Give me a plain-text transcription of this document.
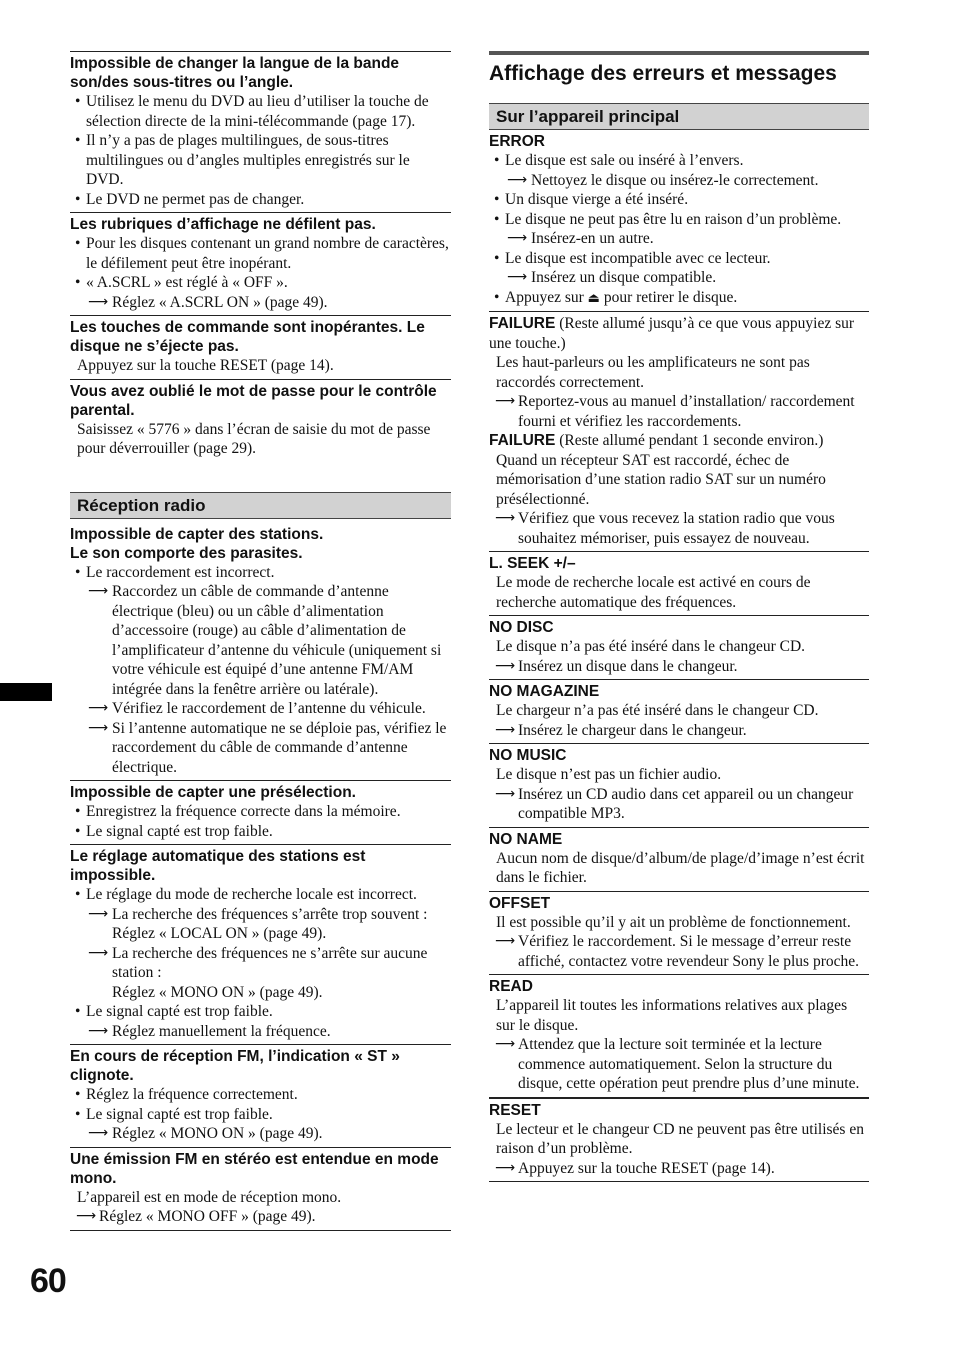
Impossible de changer la langue de la bande son/des sous-titres ou l’angle.
• Utilisez le menu du DVD au lieu d’utiliser la touche de sélection directe de la mini-télécommande (page 17).
• Il n’y a pas de plages multilingues, de sous-titres multilingues ou d’angles multiples enregistrés sur le DVD.
• Le DVD ne permet pas de changer.
Les rubriques d’affichage ne défilent pas.
• Pour les disques contenant un grand nombre de caractères, le défilement peut être inopérant.
• « A.SCRL » est réglé à « OFF ».
⟶ Réglez « A.SCRL ON » (page 49).
Les touches de commande sont inopérantes. Le disque ne s’éjecte pas.
Appuyez sur la touche RESET (page 14).
Vous avez oublié le mot de passe pour le contrôle parental.
Saisissez « 5776 » dans l’écran de saisie du mot de passe pour déverrouiller (page 29).
Réception radio
Impossible de capter des stations.
Le son comporte des parasites.
• Le raccordement est incorrect.
⟶ Raccordez un câble de commande d’antenne électrique (bleu) ou un câble d’alimentation d’accessoire (rouge) au câble d’alimentation de l’amplificateur d’antenne du véhicule (uniquement si votre véhicule est équipé d’une antenne FM/AM intégrée dans la fenêtre arrière ou latérale).
⟶ Vérifiez le raccordement de l’antenne du véhicule.
⟶ Si l’antenne automatique ne se déploie pas, vérifiez le raccordement du câble de commande d’antenne électrique.
Impossible de capter une présélection.
• Enregistrez la fréquence correcte dans la mémoire.
• Le signal capté est trop faible.
Le réglage automatique des stations est impossible.
• Le réglage du mode de recherche locale est incorrect.
⟶ La recherche des fréquences s’arrête trop souvent : Réglez « LOCAL ON » (page 49).
⟶ La recherche des fréquences ne s’arrête sur aucune station :
Réglez « MONO ON » (page 49).
• Le signal capté est trop faible.
⟶ Réglez manuellement la fréquence.
En cours de réception FM, l’indication « ST » clignote.
• Réglez la fréquence correctement.
• Le signal capté est trop faible.
⟶ Réglez « MONO ON » (page 49).
Une émission FM en stéréo est entendue en mode mono.
L’appareil est en mode de réception mono.
⟶ Réglez « MONO OFF » (page 49).
Affichage des erreurs et messages
Sur l’appareil principal
ERROR
• Le disque est sale ou inséré à l’envers.
⟶ Nettoyez le disque ou insérez-le correctement.
• Un disque vierge a été inséré.
• Le disque ne peut pas être lu en raison d’un problème.
⟶ Insérez-en un autre.
• Le disque est incompatible avec ce lecteur.
⟶ Insérez un disque compatible.
• Appuyez sur ⏏ pour retirer le disque.
FAILURE (Reste allumé jusqu’à ce que vous appuyiez sur une touche.)
Les haut-parleurs ou les amplificateurs ne sont pas raccordés correctement.
⟶ Reportez-vous au manuel d’installation/ raccordement fourni et vérifiez les raccordements.
FAILURE (Reste allumé pendant 1 seconde environ.)
Quand un récepteur SAT est raccordé, échec de mémorisation d’une station radio SAT sur un numéro présélectionné.
⟶ Vérifiez que vous recevez la station radio que vous souhaitez mémoriser, puis essayez de nouveau.
L. SEEK +/–
Le mode de recherche locale est activé en cours de recherche automatique des fréquences.
NO DISC
Le disque n’a pas été inséré dans le changeur CD.
⟶ Insérez un disque dans le changeur.
NO MAGAZINE
Le chargeur n’a pas été inséré dans le changeur CD.
⟶ Insérez le chargeur dans le changeur.
NO MUSIC
Le disque n’est pas un fichier audio.
⟶ Insérez un CD audio dans cet appareil ou un changeur compatible MP3.
NO NAME
Aucun nom de disque/d’album/de plage/d’image n’est écrit dans le fichier.
OFFSET
Il est possible qu’il y ait un problème de fonctionnement.
⟶ Vérifiez le raccordement. Si le message d’erreur reste affiché, contactez votre revendeur Sony le plus proche.
READ
L’appareil lit toutes les informations relatives aux plages sur le disque.
⟶ Attendez que la lecture soit terminée et la lecture commence automatiquement. Selon la structure du disque, cette opération peut prendre plus d’une minute.
RESET
Le lecteur et le changeur CD ne peuvent pas être utilisés en raison d’un problème.
⟶ Appuyez sur la touche RESET (page 14).
60
